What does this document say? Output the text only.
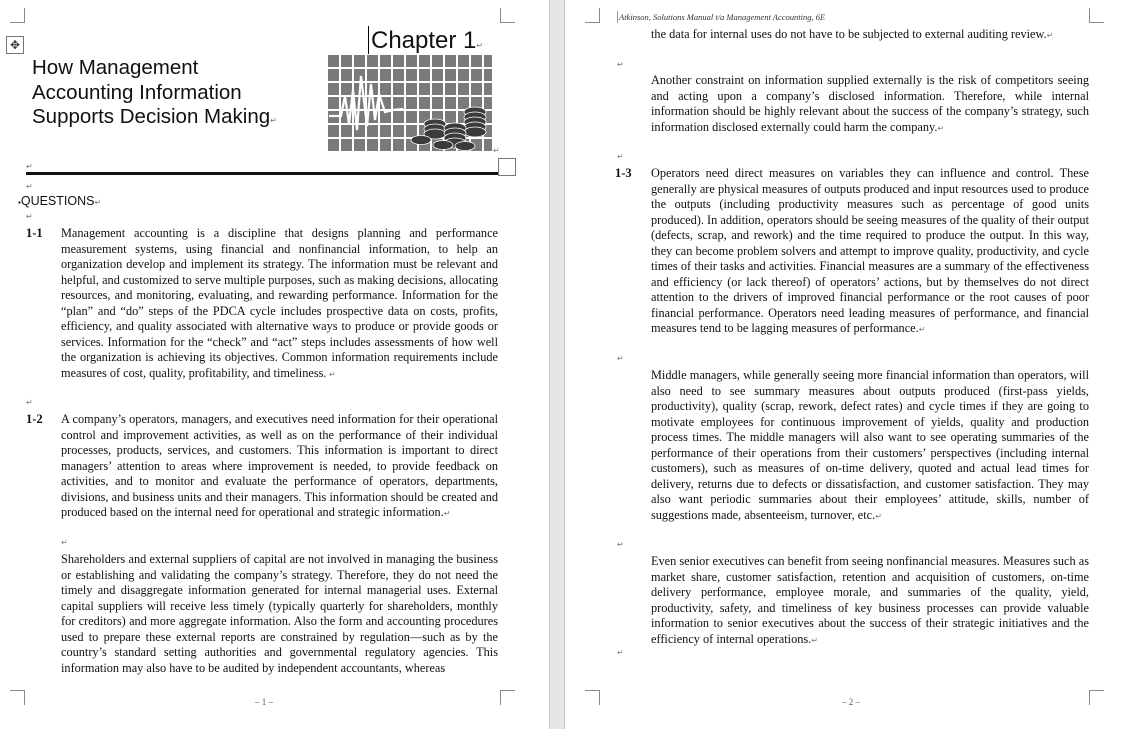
✥	Chapter 1↵
How Management Accounting Information Supports Decision Making↵
↵
↵
↵
▪QUESTIONS↵
↵
1-1 Management accounting is a discipline that designs planning and performance measurement systems, using financial and nonfinancial information, to help an organization develop and implement its strategy. The information must be relevant and helpful, and customized to serve multiple purposes, such as making decisions, allocating resources, and monitoring, evaluating, and rewarding performance. Information for the “plan” and “do” steps of the PDCA cycle includes prospective data on costs, profits, efficiency, and quality associated with alternative ways to produce or provide goods or services. Information for the “check” and “act” steps includes assessments of how well the organization is achieving its objectives. Common information requirements include measures of cost, quality, profitability, and timeliness. ↵
↵
1-2 A company’s operators, managers, and executives need information for their operational control and improvement activities, as well as on the performance of their individual processes, products, services, and customers. This information is important to direct managers’ attention to areas where improvement is needed, to provide feedback on activities, and to monitor and evaluate the performance of operators, departments, divisions, and business units and their managers. This information should be created and produced based on the internal need for operational and strategic information.↵
↵
Shareholders and external suppliers of capital are not involved in managing the business or establishing and validating the company’s strategy. Therefore, they do not need the timely and disaggregate information generated for internal managerial uses. External capital suppliers will receive less timely (typically quarterly for shareholders, monthly for creditors) and more aggregate information. Also the form and accounting procedures used to prepare these external reports are constrained by regulation—such as by the country’s standard setting authorities and governmental regulatory agencies. This information may also have to be audited by independent accountants, whereas
– 1 –
Atkinson, Solutions Manual t/a Management Accounting, 6E
the data for internal uses do not have to be subjected to external auditing review.↵
↵
Another constraint on information supplied externally is the risk of competitors seeing and acting upon a company’s disclosed information. Therefore, while internal information should be highly relevant about the success of the company’s strategy, such information disclosed externally could harm the company.↵
↵
1-3 Operators need direct measures on variables they can influence and control. These generally are physical measures of outputs produced and input resources used to produce the outputs (including productivity measures such as percentage of good units produced). In addition, operators should be seeing measures of the quality of their output (defects, scrap, and rework) and the time required to produce the output. In this way, they can become problem solvers and attempt to improve quality, productivity, and cycle times of their tasks and activities. Financial measures are a summary of the effectiveness and efficiency (or lack thereof) of operators’ actions, but by themselves do not direct attention to the drivers of improved financial performance or the root causes of poor financial performance. Operators need leading measures of performance, and financial measures tend to be lagging measures of performance.↵
↵
Middle managers, while generally seeing more financial information than operators, will also need to see summary measures about outputs produced (first-pass yields, productivity), quality (scrap, rework, defect rates) and cycle times if they are going to motivate employees for continuous improvement of yields, quality and production process times. The middle managers will also want to see operating summaries of the performance of their operations from their customers’ perspectives (including internal customers), such as measures of on-time delivery, quoted and actual lead times for delivery, returns due to defects or dissatisfaction, and customer satisfaction. They may also want periodic summaries about their employees’ attitude, skills, number of suggestions made, absenteeism, turnover, etc.↵
↵
Even senior executives can benefit from seeing nonfinancial measures. Measures such as market share, customer satisfaction, retention and acquisition of customers, on-time delivery performance, employee morale, and summaries of the quality, yield, productivity, safety, and timeliness of key business processes can provide valuable information to senior executives about the success of their strategic initiatives and the efficiency of internal operations.↵
↵
– 2 –
